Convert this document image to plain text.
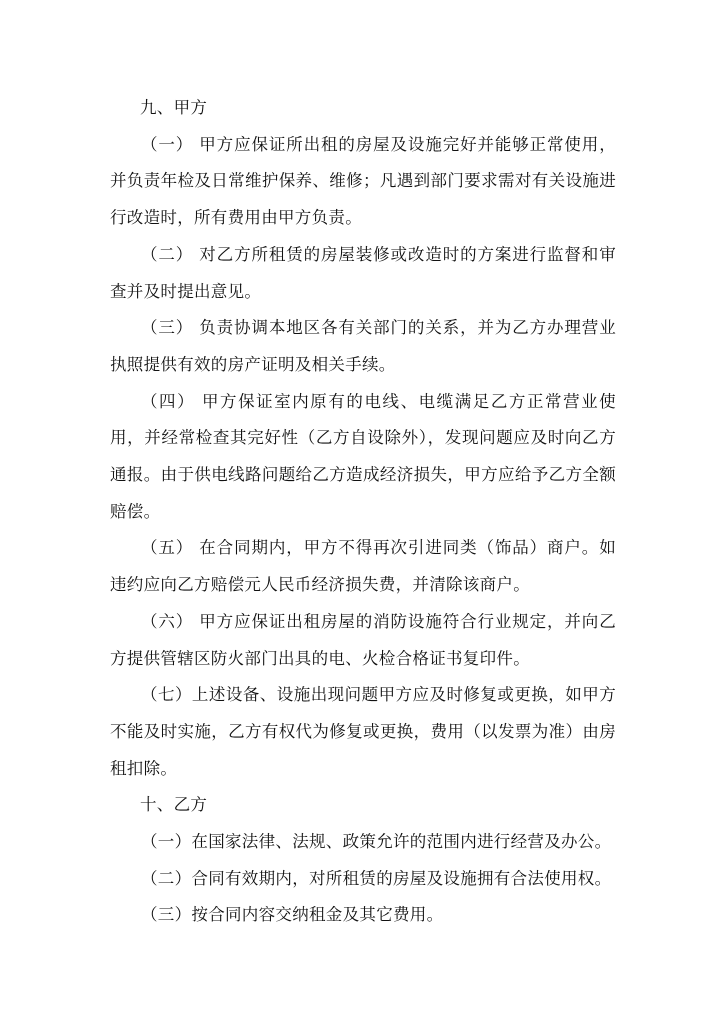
九、甲方

（一） 甲方应保证所出租的房屋及设施完好并能够正常使用，并负责年检及日常维护保养、维修；凡遇到部门要求需对有关设施进行改造时，所有费用由甲方负责。

（二） 对乙方所租赁的房屋装修或改造时的方案进行监督和审查并及时提出意见。

（三） 负责协调本地区各有关部门的关系，并为乙方办理营业执照提供有效的房产证明及相关手续。

（四） 甲方保证室内原有的电线、电缆满足乙方正常营业使用，并经常检查其完好性（乙方自设除外），发现问题应及时向乙方通报。由于供电线路问题给乙方造成经济损失，甲方应给予乙方全额赔偿。

（五） 在合同期内，甲方不得再次引进同类（饰品）商户。如违约应向乙方赔偿元人民币经济损失费，并清除该商户。

（六） 甲方应保证出租房屋的消防设施符合行业规定，并向乙方提供管辖区防火部门出具的电、火检合格证书复印件。

（七）上述设备、设施出现问题甲方应及时修复或更换，如甲方不能及时实施，乙方有权代为修复或更换，费用（以发票为准）由房租扣除。

十、乙方

（一）在国家法律、法规、政策允许的范围内进行经营及办公。

（二）合同有效期内，对所租赁的房屋及设施拥有合法使用权。

（三）按合同内容交纳租金及其它费用。
